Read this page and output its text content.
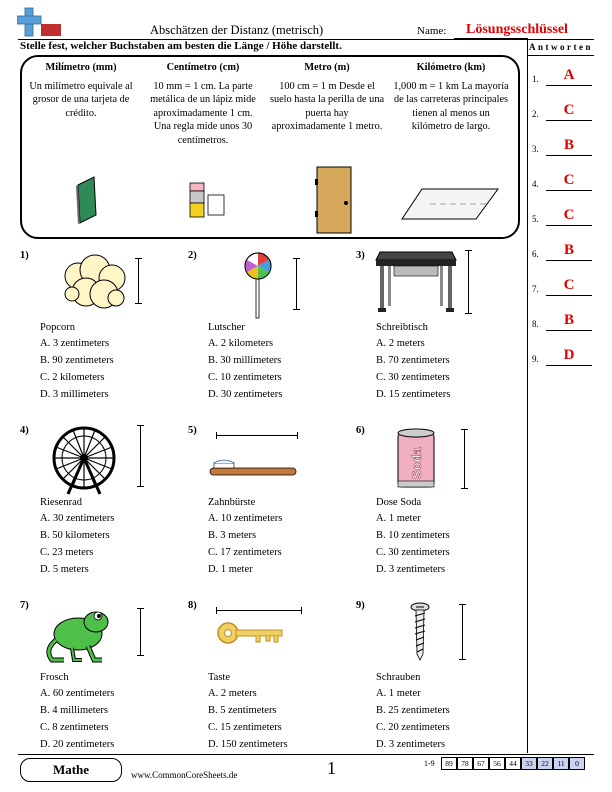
Abschätzen der Distanz (metrisch)	Name: Lösungsschlüssel
Stelle fest, welcher Buchstaben am besten die Länge / Höhe darstellt.
Milímetro (mm)
Un milímetro equivale al grosor de una tarjeta de crédito.
Centímetro (cm)
10 mm = 1 cm. La parte metálica de un lápiz mide aproximadamente 1 cm. Una regla mide unos 30 centímetros.
Metro (m)
100 cm = 1 m Desde el suelo hasta la perilla de una puerta hay aproximadamente 1 metro.
Kilómetro (km)
1,000 m = 1 km La mayoría de las carreteras principales tienen al menos un kilómetro de largo.
Antworten
1.	A
2.	C
3.	B
4.	C
5.	C
6.	B
7.	C
8.	B
9.	D
1)
Popcorn
A. 3 zentimeters
B. 90 zentimeters
C. 2 kilometers
D. 3 millimeters
2)
Lutscher
A. 2 kilometers
B. 30 millimeters
C. 10 zentimeters
D. 30 zentimeters
3)
Schreibtisch
A. 2 meters
B. 70 zentimeters
C. 30 zentimeters
D. 15 zentimeters
4)
Riesenrad
A. 30 zentimeters
B. 50 kilometers
C. 23 meters
D. 5 meters
5)
Zahnbürste
A. 10 zentimeters
B. 3 meters
C. 17 zentimeters
D. 1 meter
6)
Soda
Dose Soda
A. 1 meter
B. 10 zentimeters
C. 30 zentimeters
D. 3 zentimeters
7)
Frosch
A. 60 zentimeters
B. 4 millimeters
C. 8 zentimeters
D. 20 zentimeters
8)
Taste
A. 2 meters
B. 5 zentimeters
C. 15 zentimeters
D. 150 zentimeters
9)
Schrauben
A. 1 meter
B. 25 zentimeters
C. 20 zentimeters
D. 3 zentimeters
Mathe	www.CommonCoreSheets.de	1	1-9	89	78	67	56	44	33	22	11	0
